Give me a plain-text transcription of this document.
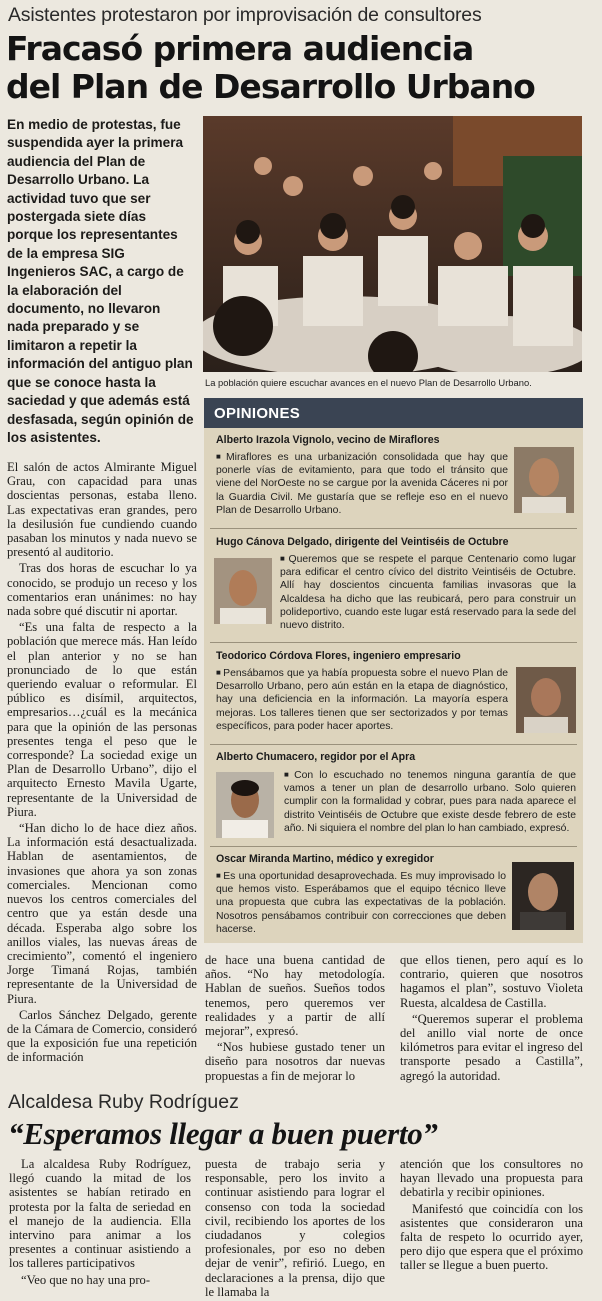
Asistentes protestaron por improvisación de consultores
Fracasó primera audiencia
del Plan de Desarrollo Urbano
En medio de protestas, fue suspendida ayer la primera audiencia del Plan de Desarrollo Urbano. La actividad tuvo que ser postergada siete días porque los representantes de la empresa SIG Ingenieros SAC, a cargo de la elaboración del documento, no llevaron nada preparado y se limitaron a repetir la información del antiguo plan que se conoce hasta la saciedad y que además está desfasada, según opinión de los asistentes.

El salón de actos Almirante Miguel Grau, con capacidad para unas doscientas personas, estaba lleno. Las expectativas eran grandes, pero la desilusión fue cundiendo cuando pasaban los minutos y nada nuevo se presentó al auditorio.

Tras dos horas de escuchar lo ya conocido, se produjo un receso y los comentarios eran unánimes: no hay nada sobre qué discutir ni aportar.

“Es una falta de respecto a la población que merece más. Han leído el plan anterior y no se han pronunciado de lo que están queriendo evaluar o reformular. El público es disímil, arquitectos, empresarios…¿cuál es la mecánica para que la opinión de las personas presentes tenga el peso que le corresponde? La sociedad exige un Plan de Desarrollo Urbano”, dijo el arquitecto Ernesto Mavila Ugarte, representante de la Universidad de Piura.

“Han dicho lo de hace diez años. La información está desactualizada. Hablan de asentamientos, de invasiones que ahora ya son zonas comerciales. Mencionan como nuevos los centros comerciales del centro que ya están desde una década. Esperaba algo sobre los anillos viales, las nuevas áreas de crecimiento”, comentó el ingeniero Jorge Timaná Rojas, también representante de la Universidad de Piura.

Carlos Sánchez Delgado, gerente de la Cámara de Comercio, consideró que la exposición fue una repetición de información

La población quiere escuchar avances en el nuevo Plan de Desarrollo Urbano.
OPINIONES
Alberto Irazola Vignolo, vecino de Miraflores
■ Miraflores es una urbanización consolidada que hay que ponerle vías de evitamiento, para que todo el tránsito que viene del NorOeste no se cargue por la avenida Cáceres ni por la Guardia Civil. Me gustaría que se refleje eso en el nuevo Plan de Desarrollo Urbano.
Hugo Cánova Delgado, dirigente del Veintiséis de Octubre
■ Queremos que se respete el parque Centenario como lugar para edificar el centro cívico del distrito Veintiséis de Octubre. Allí hay doscientos cincuenta familias invasoras que la Alcaldesa ha dicho que las reubicará, pero para construir un polideportivo, cuando este lugar está reservado para la sede del nuevo distrito.
Teodorico Córdova Flores, ingeniero empresario
■ Pensábamos que ya había propuesta sobre el nuevo Plan de Desarrollo Urbano, pero aún están en la etapa de diagnóstico, hay una deficiencia en la información. La mayoría espera mejoras. Los talleres tienen que ser sectorizados y por temas específicos, para poder hacer aportes.
Alberto Chumacero, regidor por el Apra
■ Con lo escuchado no tenemos ninguna garantía de que vamos a tener un plan de desarrollo urbano. Solo quieren cumplir con la formalidad y cobrar, pues para nada aparece el distrito Veintiséis de Octubre que existe desde febrero de este año. Ni siquiera el nombre del plan lo han cambiado, expresó.
Oscar Miranda Martino, médico y exregidor
■ Es una oportunidad desaprovechada. Es muy improvisado lo que hemos visto. Esperábamos que el equipo técnico lleve una propuesta que cubra las expectativas de la población. Nosotros pensábamos contribuir con correcciones que deben hacerse.

de hace una buena cantidad de años. “No hay metodología. Hablan de sueños. Sueños todos tenemos, pero queremos ver realidades y a partir de allí mejorar”, expresó.

“Nos hubiese gustado tener un diseño para nosotros dar nuevas propuestas a fin de mejorar lo

que ellos tienen, pero aquí es lo contrario, quieren que nosotros hagamos el plan”, sostuvo Violeta Ruesta, alcaldesa de Castilla.

“Queremos superar el problema del anillo vial norte de once kilómetros para evitar el ingreso del transporte pesado a Castilla”, agregó la autoridad.

Alcaldesa Ruby Rodríguez
“Esperamos llegar a buen puerto”

La alcaldesa Ruby Rodríguez, llegó cuando la mitad de los asistentes se habían retirado en protesta por la falta de seriedad en el manejo de la audiencia. Ella intervino para animar a los presentes a continuar asistiendo a los talleres participativos

“Veo que no hay una pro-

puesta de trabajo seria y responsable, pero los invito a continuar asistiendo para lograr el consenso con toda la sociedad civil, recibiendo los aportes de los ciudadanos y colegios profesionales, por eso no deben dejar de venir”, refirió. Luego, en declaraciones a la prensa, dijo que le llamaba la

atención que los consultores no hayan llevado una propuesta para debatirla y recibir opiniones.

Manifestó que coincidía con los asistentes que consideraron una falta de respeto lo ocurrido ayer, pero dijo que espera que el próximo taller se llegue a buen puerto.
